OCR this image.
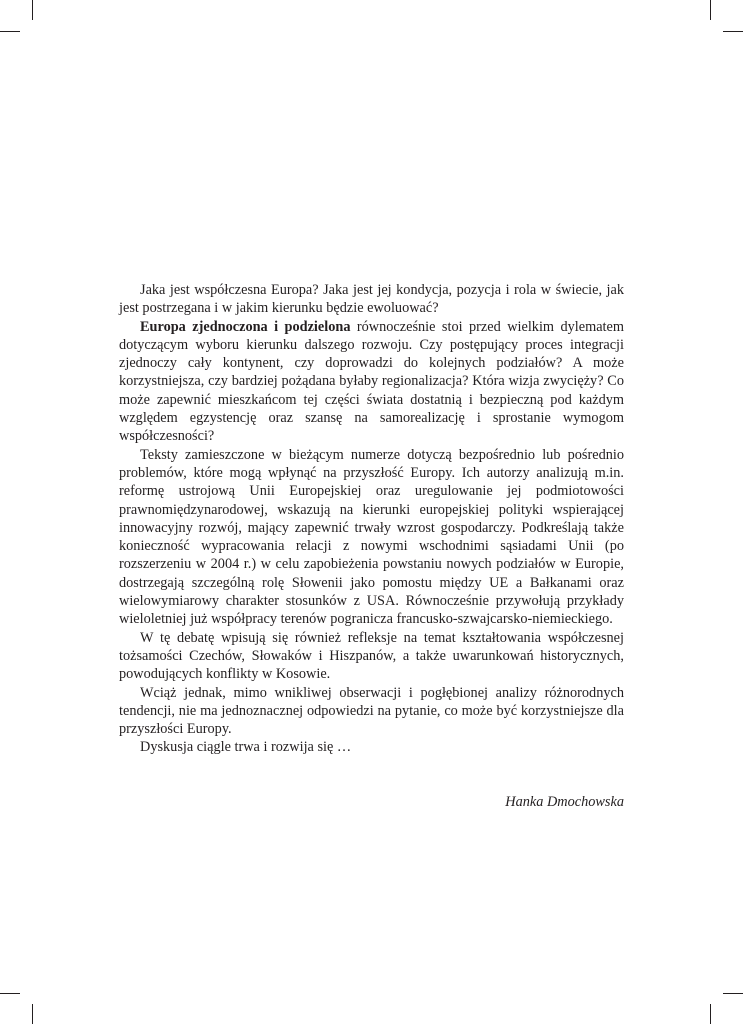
Jaka jest współczesna Europa? Jaka jest jej kondycja, pozycja i rola w świecie, jak jest postrzegana i w jakim kierunku będzie ewoluować?

Europa zjednoczona i podzielona równocześnie stoi przed wielkim dylematem dotyczącym wyboru kierunku dalszego rozwoju. Czy postępujący proces integracji zjednoczy cały kontynent, czy doprowadzi do kolejnych podziałów? A może korzystniejsza, czy bardziej pożądana byłaby regionalizacja? Która wizja zwycięży? Co może zapewnić mieszkańcom tej części świata dostatnią i bezpieczną pod każdym względem egzystencję oraz szansę na samorealizację i sprostanie wymogom współczesności?

Teksty zamieszczone w bieżącym numerze dotyczą bezpośrednio lub pośrednio problemów, które mogą wpłynąć na przyszłość Europy. Ich autorzy analizują m.in. reformę ustrojową Unii Europejskiej oraz uregulowanie jej podmiotowości prawnomiędzynarodowej, wskazują na kierunki europejskiej polityki wspierającej innowacyjny rozwój, mający zapewnić trwały wzrost gospodarczy. Podkreślają także konieczność wypracowania relacji z nowymi wschodnimi sąsiadami Unii (po rozszerzeniu w 2004 r.) w celu zapobieżenia powstaniu nowych podziałów w Europie, dostrzegają szczególną rolę Słowenii jako pomostu między UE a Bałkanami oraz wielowymiarowy charakter stosunków z USA. Równocześnie przywołują przykłady wieloletniej już współpracy terenów pogranicza francusko-szwajcarsko-niemieckiego.

W tę debatę wpisują się również refleksje na temat kształtowania współczesnej tożsamości Czechów, Słowaków i Hiszpanów, a także uwarunkowań historycznych, powodujących konflikty w Kosowie.

Wciąż jednak, mimo wnikliwej obserwacji i pogłębionej analizy różnorodnych tendencji, nie ma jednoznacznej odpowiedzi na pytanie, co może być korzystniejsze dla przyszłości Europy.

Dyskusja ciągle trwa i rozwija się …

Hanka Dmochowska
